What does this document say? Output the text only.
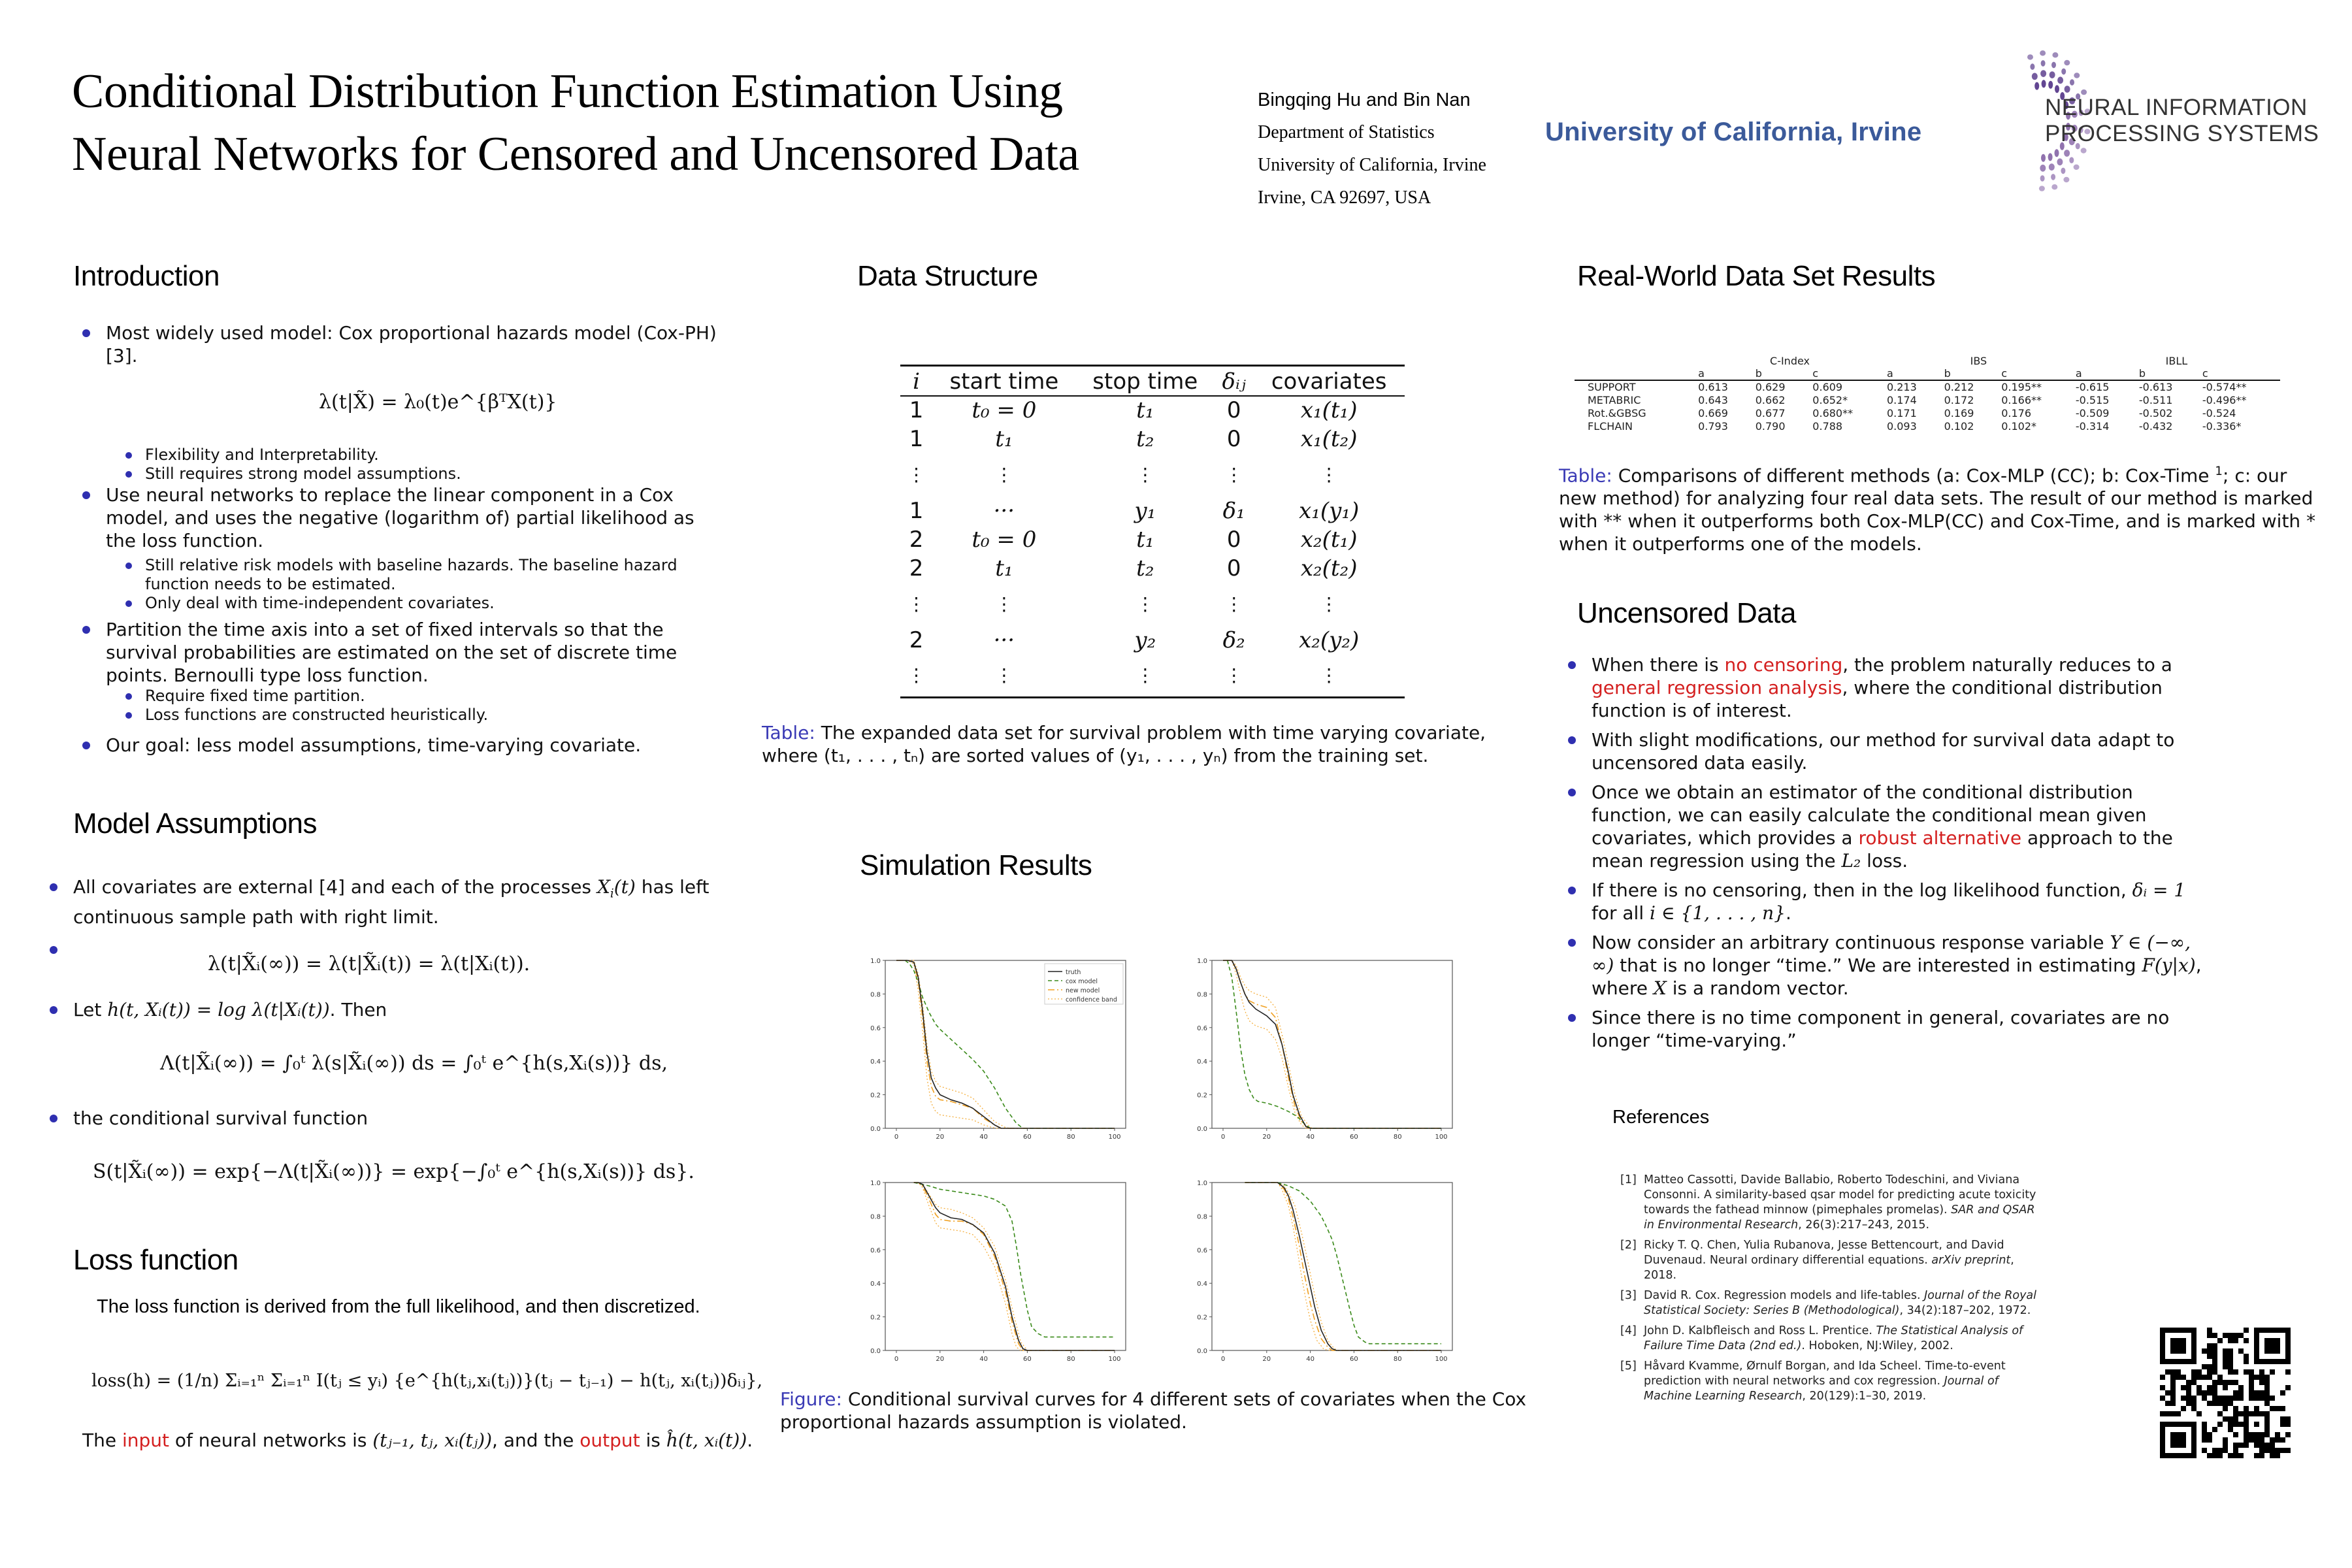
Conditional Distribution Function Estimation Using
Neural Networks for Censored and Uncensored Data
Bingqing Hu and Bin Nan
Department of Statistics
University of California, Irvine
Irvine, CA 92697, USA
University of California, Irvine
NEURAL INFORMATION
PROCESSING SYSTEMS
Introduction
Most widely used model: Cox proportional hazards model (Cox-PH) [3].
λ(t|X̃) = λ₀(t)e^{βᵀX(t)}
Flexibility and Interpretability.
Still requires strong model assumptions.
Use neural networks to replace the linear component in a Cox model, and uses the negative (logarithm of) partial likelihood as the loss function.
Still relative risk models with baseline hazards. The baseline hazard function needs to be estimated.
Only deal with time-independent covariates.
Partition the time axis into a set of fixed intervals so that the survival probabilities are estimated on the set of discrete time points. Bernoulli type loss function.
Require fixed time partition.
Loss functions are constructed heuristically.
Our goal: less model assumptions, time-varying covariate.
Model Assumptions
All covariates are external [4] and each of the processes $X_i(t)$ has left continuous sample path with right limit.
λ(t|X̃ᵢ(∞)) = λ(t|X̃ᵢ(t)) = λ(t|Xᵢ(t)).
Let h(t, Xᵢ(t)) = log λ(t|Xᵢ(t)). Then
Λ(t|X̃ᵢ(∞)) = ∫₀ᵗ λ(s|X̃ᵢ(∞)) ds = ∫₀ᵗ e^{h(s,Xᵢ(s))} ds,
the conditional survival function
S(t|X̃ᵢ(∞)) = exp{−Λ(t|X̃ᵢ(∞))} = exp{−∫₀ᵗ e^{h(s,Xᵢ(s))} ds}.
Loss function
The loss function is derived from the full likelihood, and then discretized.
loss(h) = (1/n) Σᵢ₌₁ⁿ Σᵢ₌₁ⁿ I(tⱼ ≤ yᵢ) {e^{h(tⱼ,xᵢ(tⱼ))}(tⱼ − tⱼ₋₁) − h(tⱼ, xᵢ(tⱼ))δᵢⱼ},
The input of neural networks is (tⱼ₋₁, tⱼ, xᵢ(tⱼ)), and the output is ĥ(t, xᵢ(t)).
Data Structure
i	start time	stop time	δᵢⱼ	covariates
1	t₀ = 0	t₁	0	x₁(t₁)
1	t₁	t₂	0	x₁(t₂)
⋮	⋮	⋮	⋮	⋮
1	···	y₁	δ₁	x₁(y₁)
2	t₀ = 0	t₁	0	x₂(t₁)
2	t₁	t₂	0	x₂(t₂)
⋮	⋮	⋮	⋮	⋮
2	···	y₂	δ₂	x₂(y₂)
⋮	⋮	⋮	⋮	⋮
Table: The expanded data set for survival problem with time varying covariate, where (t₁, . . . , tₙ) are sorted values of (y₁, . . . , yₙ) from the training set.
Simulation Results
0.0
0.2
0.4
0.6
0.8
1.0
0	20	40	60	80	100
truth
cox model
new model
confidence band
0.0
0.2
0.4
0.6
0.8
1.0
0	20	40	60	80	100
0.0
0.2
0.4
0.6
0.8
1.0
0	20	40	60	80	100
0.0
0.2
0.4
0.6
0.8
1.0
0	20	40	60	80	100
Figure: Conditional survival curves for 4 different sets of covariates when the Cox proportional hazards assumption is violated.
Real-World Data Set Results
	C-Index			IBS			IBLL		
	a	b	c	a	b	c	a	b	c
SUPPORT	0.613	0.629	0.609	0.213	0.212	0.195**	-0.615	-0.613	-0.574**
METABRIC	0.643	0.662	0.652*	0.174	0.172	0.166**	-0.515	-0.511	-0.496**
Rot.&GBSG	0.669	0.677	0.680**	0.171	0.169	0.176	-0.509	-0.502	-0.524
FLCHAIN	0.793	0.790	0.788	0.093	0.102	0.102*	-0.314	-0.432	-0.336*
Table: Comparisons of different methods (a: Cox-MLP (CC); b: Cox-Time $^1$; c: our new method) for analyzing four real data sets. The result of our method is marked with ** when it outperforms both Cox-MLP(CC) and Cox-Time, and is marked with * when it outperforms one of the models.
Uncensored Data
When there is no censoring, the problem naturally reduces to a general regression analysis, where the conditional distribution function is of interest.
With slight modifications, our method for survival data adapt to uncensored data easily.
Once we obtain an estimator of the conditional distribution function, we can easily calculate the conditional mean given covariates, which provides a robust alternative approach to the mean regression using the L₂ loss.
If there is no censoring, then in the log likelihood function, δᵢ = 1 for all i ∈ {1, . . . , n}.
Now consider an arbitrary continuous response variable Y ∈ (−∞, ∞) that is no longer “time.” We are interested in estimating F(y|x), where X is a random vector.
Since there is no time component in general, covariates are no longer “time-varying.”
References
[1] Matteo Cassotti, Davide Ballabio, Roberto Todeschini, and Viviana Consonni. A similarity-based qsar model for predicting acute toxicity towards the fathead minnow (pimephales promelas). SAR and QSAR in Environmental Research, 26(3):217–243, 2015.
[2] Ricky T. Q. Chen, Yulia Rubanova, Jesse Bettencourt, and David Duvenaud. Neural ordinary differential equations. arXiv preprint, 2018.
[3] David R. Cox. Regression models and life-tables. Journal of the Royal Statistical Society: Series B (Methodological), 34(2):187–202, 1972.
[4] John D. Kalbfleisch and Ross L. Prentice. The Statistical Analysis of Failure Time Data (2nd ed.). Hoboken, NJ:Wiley, 2002.
[5] Håvard Kvamme, Ørnulf Borgan, and Ida Scheel. Time-to-event prediction with neural networks and cox regression. Journal of Machine Learning Research, 20(129):1–30, 2019.
